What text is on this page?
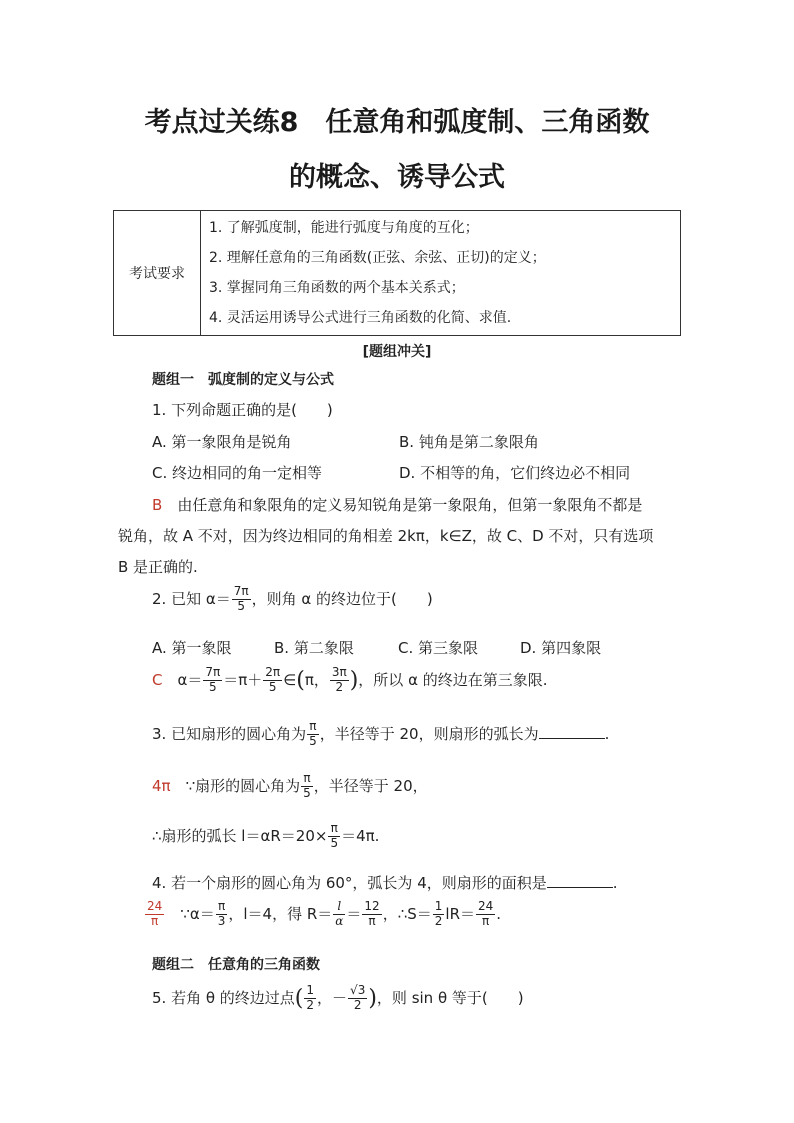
考点过关练8　任意角和弧度制、三角函数
的概念、诱导公式
考试要求	
1. 了解弧度制，能进行弧度与角度的互化；
2. 理解任意角的三角函数(正弦、余弦、正切)的定义；
3. 掌握同角三角函数的两个基本关系式；
4. 灵活运用诱导公式进行三角函数的化简、求值.
[题组冲关]
题组一　弧度制的定义与公式
1. 下列命题正确的是(　　)
A. 第一象限角是锐角	B. 钝角是第二象限角
C. 终边相同的角一定相等	D. 不相等的角，它们终边必不相同
B　 由任意角和象限角的定义易知锐角是第一象限角，但第一象限角不都是
锐角，故 A 不对，因为终边相同的角相差 2kπ，k∈Z，故 C、D 不对，只有选项
B 是正确的.
2. 已知 $\alpha= \frac{7\pi}{5}$ ，则角 α 的终边位于(　　)
A. 第一象限	B. 第二象限	C. 第三象限	D. 第四象限
C　 $\alpha= \frac{7\pi}{5} =\pi+ \frac{2\pi}{5}$ ∈(π， $\frac{3\pi}{2}$ )，所以 α 的终边在第三象限.
3. 已知扇形的圆心角为 $\frac{\pi}{5}$ ，半径等于 20，则扇形的弧长为	.
4π　 ∵扇形的圆心角为 $\frac{\pi}{5}$ ，半径等于 20，
∴扇形的弧长 $l=\alpha R=20\times \frac{\pi}{5} =4\pi$.
4. 若一个扇形的圆心角为 60°，弧长为 4，则扇形的面积是	.
$\frac{24}{\pi}$
　 ∵α＝ $\frac{\pi}{3}$ ，l＝4，得 $R= \frac{l}{\alpha} = \frac{12}{\pi}$ ，∴S＝ $\frac{1}{2} lR= \frac{24}{\pi}$ .
题组二　任意角的三角函数
5. 若角 θ 的终边过点( $\frac{1}{2}$ ，－ $\frac{√3}{2}$ )，则 sin θ 等于(　　)
